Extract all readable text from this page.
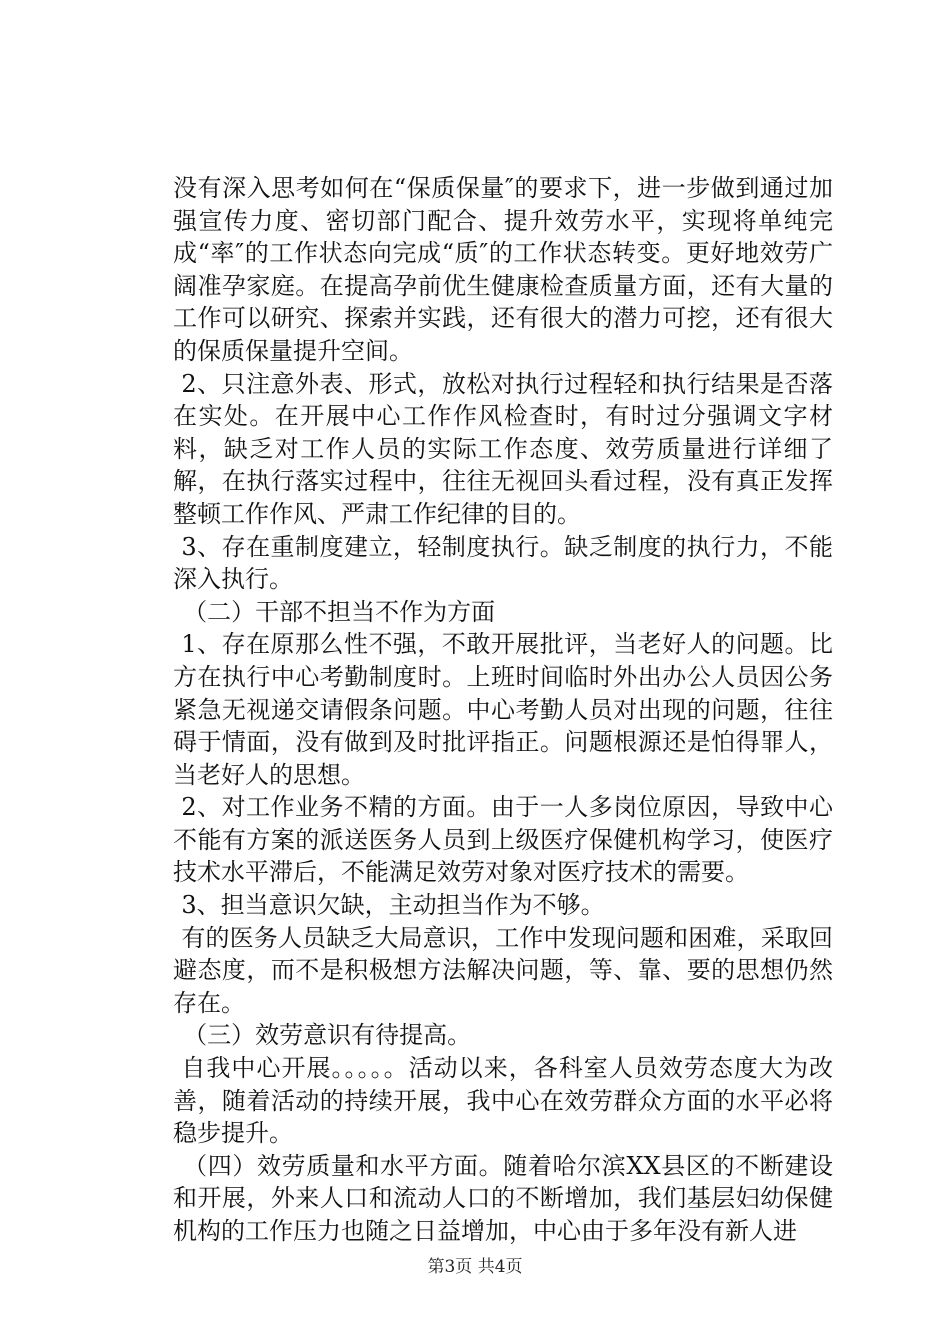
没有深入思考如何在“保质保量″的要求下，进一步做到通过加强宣传力度、密切部门配合、提升效劳水平，实现将单纯完成“率″的工作状态向完成“质″的工作状态转变。更好地效劳广阔准孕家庭。在提高孕前优生健康检查质量方面，还有大量的工作可以研究、探索并实践，还有很大的潜力可挖，还有很大的保质保量提升空间。

2、只注意外表、形式，放松对执行过程轻和执行结果是否落在实处。在开展中心工作作风检查时，有时过分强调文字材料，缺乏对工作人员的实际工作态度、效劳质量进行详细了解，在执行落实过程中，往往无视回头看过程，没有真正发挥整顿工作作风、严肃工作纪律的目的。

3、存在重制度建立，轻制度执行。缺乏制度的执行力，不能深入执行。

（二）干部不担当不作为方面

1、存在原那么性不强，不敢开展批评，当老好人的问题。比方在执行中心考勤制度时。上班时间临时外出办公人员因公务紧急无视递交请假条问题。中心考勤人员对出现的问题，往往碍于情面，没有做到及时批评指正。问题根源还是怕得罪人，当老好人的思想。

2、对工作业务不精的方面。由于一人多岗位原因，导致中心不能有方案的派送医务人员到上级医疗保健机构学习，使医疗技术水平滞后，不能满足效劳对象对医疗技术的需要。

3、担当意识欠缺，主动担当作为不够。

有的医务人员缺乏大局意识，工作中发现问题和困难，采取回避态度，而不是积极想方法解决问题，等、靠、要的思想仍然存在。

（三）效劳意识有待提高。

自我中心开展。。。。。活动以来，各科室人员效劳态度大为改善，随着活动的持续开展，我中心在效劳群众方面的水平必将稳步提升。

（四）效劳质量和水平方面。随着哈尔滨XX县区的不断建设和开展，外来人口和流动人口的不断增加，我们基层妇幼保健机构的工作压力也随之日益增加，中心由于多年没有新人进

第3页 共4页
